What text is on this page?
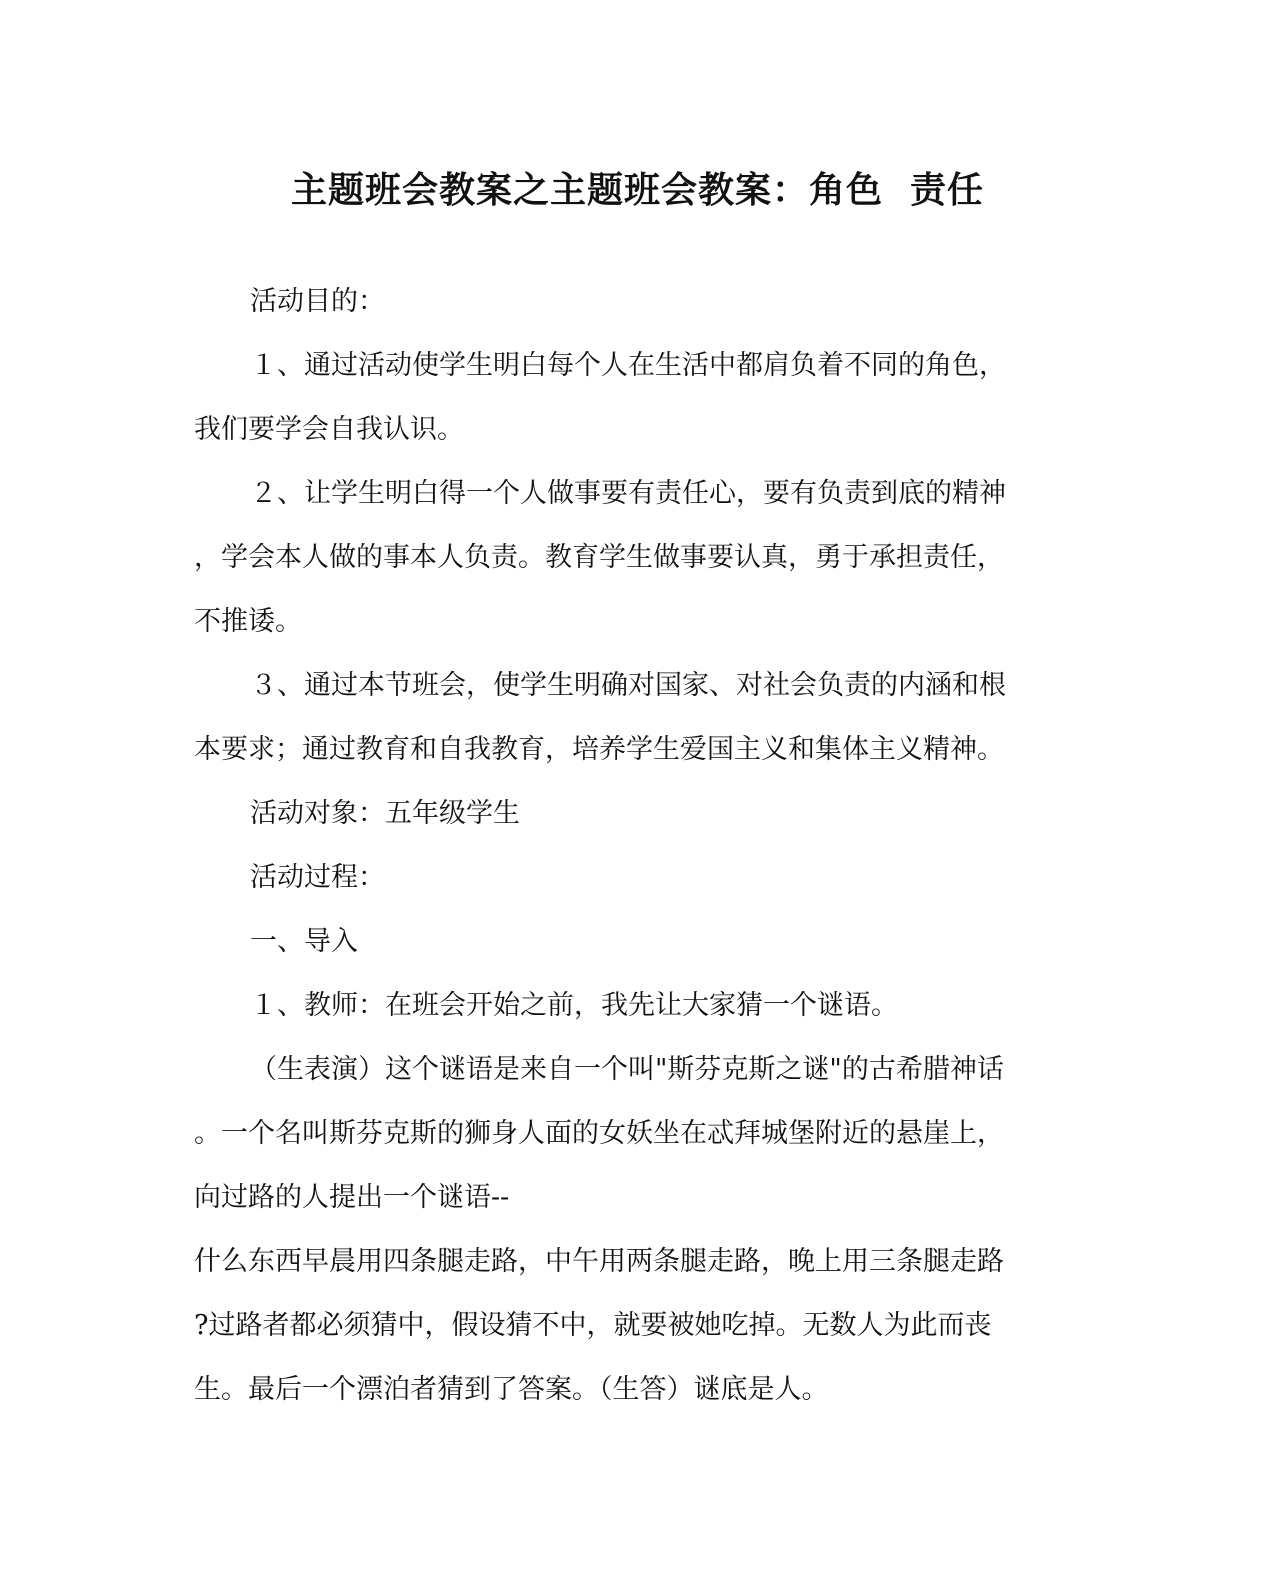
主题班会教案之主题班会教案：角色  责任
活动目的：
１、通过活动使学生明白每个人在生活中都肩负着不同的角色，
我们要学会自我认识。
２、让学生明白得一个人做事要有责任心，要有负责到底的精神
，学会本人做的事本人负责。教育学生做事要认真，勇于承担责任，
不推诿。
３、通过本节班会，使学生明确对国家、对社会负责的内涵和根
本要求；通过教育和自我教育，培养学生爱国主义和集体主义精神。
活动对象：五年级学生
活动过程：
一、导入
１、教师：在班会开始之前，我先让大家猜一个谜语。
（生表演）这个谜语是来自一个叫"斯芬克斯之谜"的古希腊神话
。一个名叫斯芬克斯的狮身人面的女妖坐在忒拜城堡附近的悬崖上，
向过路的人提出一个谜语--
什么东西早晨用四条腿走路，中午用两条腿走路，晚上用三条腿走路
?过路者都必须猜中，假设猜不中，就要被她吃掉。无数人为此而丧
生。最后一个漂泊者猜到了答案。（生答）谜底是人。
